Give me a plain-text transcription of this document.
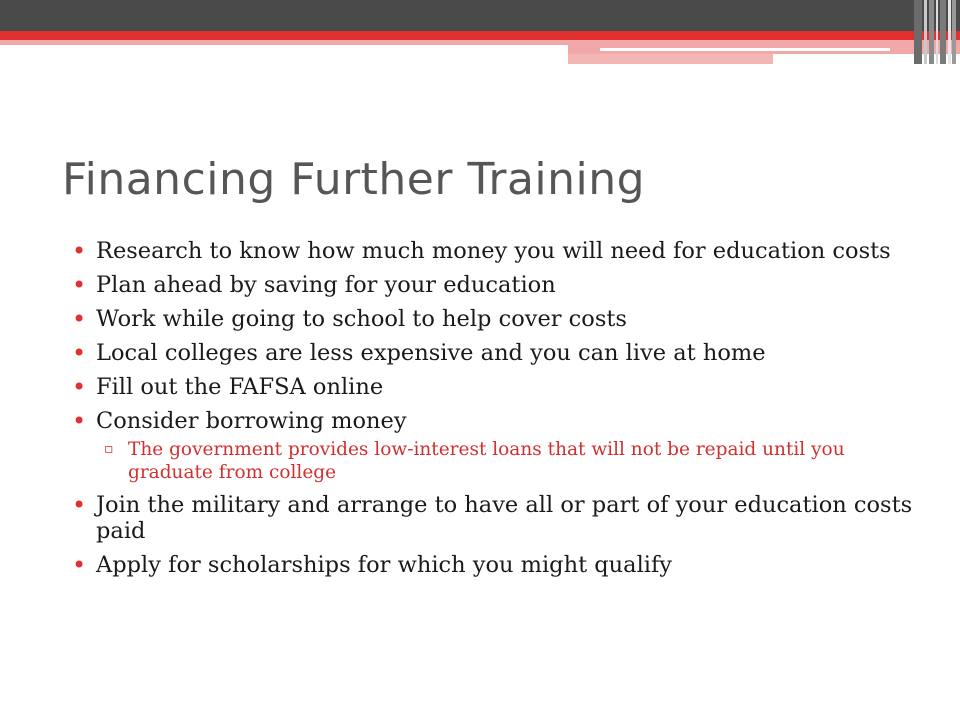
Financing Further Training
• Research to know how much money you will need for education costs
• Plan ahead by saving for your education
• Work while going to school to help cover costs
• Local colleges are less expensive and you can live at home
• Fill out the FAFSA online
• Consider borrowing money
▫ The government provides low-interest loans that will not be repaid until you graduate from college
• Join the military and arrange to have all or part of your education costs paid
• Apply for scholarships for which you might qualify
